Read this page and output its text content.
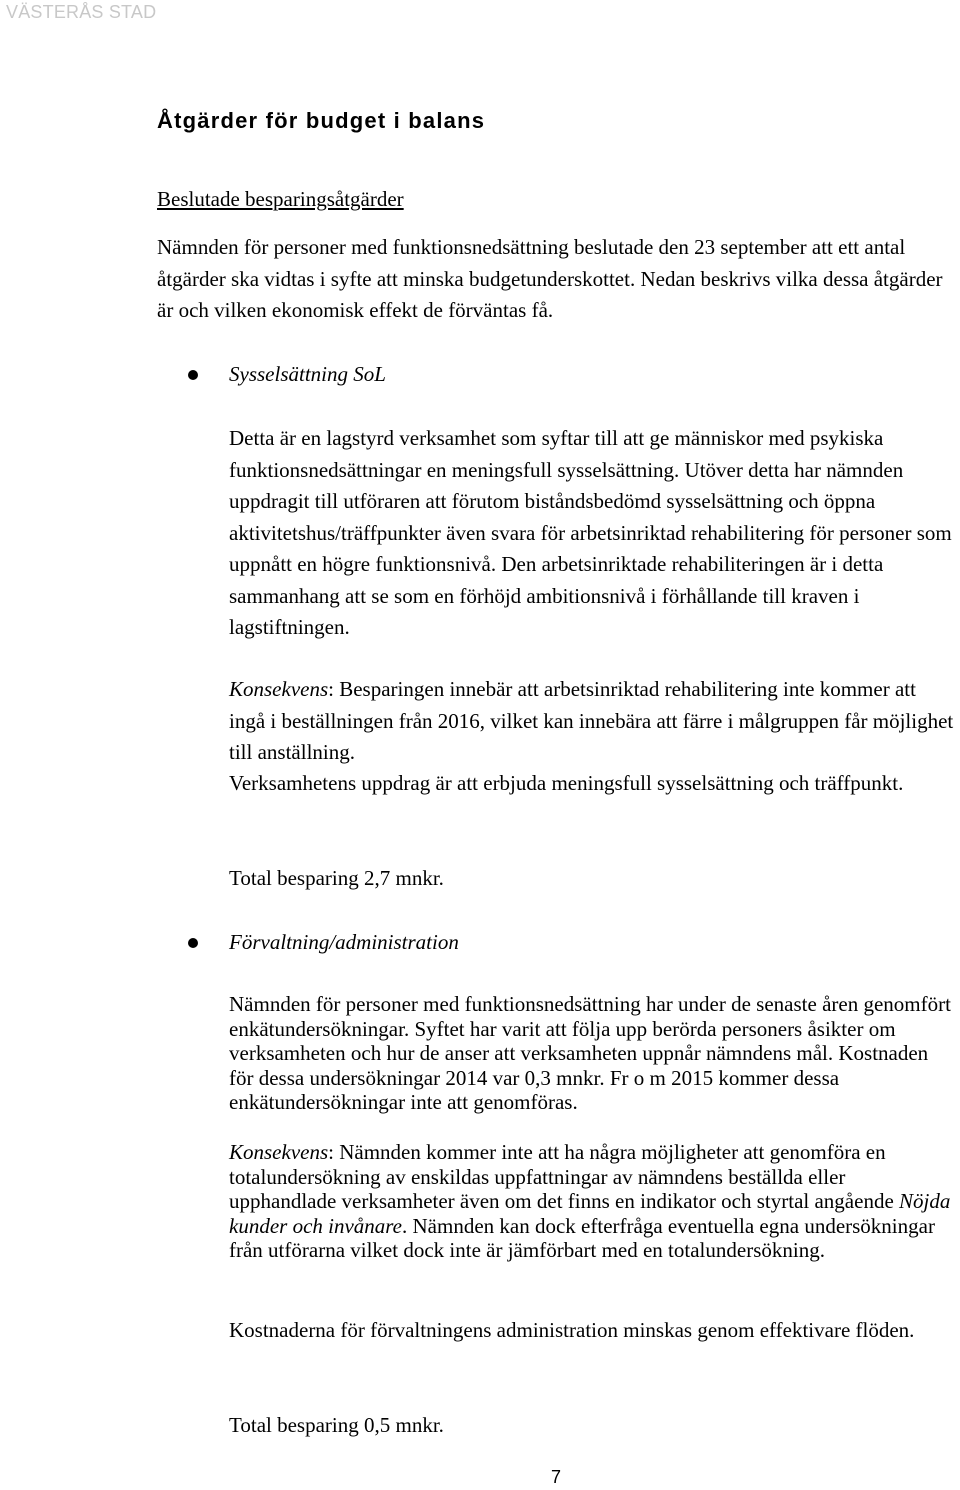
VÄSTERÅS STAD
Åtgärder för budget i balans
Beslutade besparingsåtgärder
Nämnden för personer med funktionsnedsättning beslutade den 23 september att ett antal åtgärder ska vidtas i syfte att minska budgetunderskottet. Nedan beskrivs vilka dessa åtgärder är och vilken ekonomisk effekt de förväntas få.
Sysselsättning SoL
Detta är en lagstyrd verksamhet som syftar till att ge människor med psykiska funktionsnedsättningar en meningsfull sysselsättning. Utöver detta har nämnden uppdragit till utföraren att förutom biståndsbedömd sysselsättning och öppna aktivitetshus/träffpunkter även svara för arbetsinriktad rehabilitering för personer som uppnått en högre funktionsnivå. Den arbetsinriktade rehabiliteringen är i detta sammanhang att se som en förhöjd ambitionsnivå i förhållande till kraven i lagstiftningen.
Konsekvens: Besparingen innebär att arbetsinriktad rehabilitering inte kommer att ingå i beställningen från 2016, vilket kan innebära att färre i målgruppen får möjlighet till anställning.
Verksamhetens uppdrag är att erbjuda meningsfull sysselsättning och träffpunkt.
Total besparing 2,7 mnkr.
Förvaltning/administration
Nämnden för personer med funktionsnedsättning har under de senaste åren genomfört enkätundersökningar. Syftet har varit att följa upp berörda personers åsikter om verksamheten och hur de anser att verksamheten uppnår nämndens mål. Kostnaden för dessa undersökningar 2014 var 0,3 mnkr. Fr o m 2015 kommer dessa enkätundersökningar inte att genomföras.
Konsekvens: Nämnden kommer inte att ha några möjligheter att genomföra en totalundersökning av enskildas uppfattningar av nämndens beställda eller upphandlade verksamheter även om det finns en indikator och styrtal angående Nöjda kunder och invånare. Nämnden kan dock efterfråga eventuella egna undersökningar från utförarna vilket dock inte är jämförbart med en totalundersökning.
Kostnaderna för förvaltningens administration minskas genom effektivare flöden.
Total besparing 0,5 mnkr.
7
